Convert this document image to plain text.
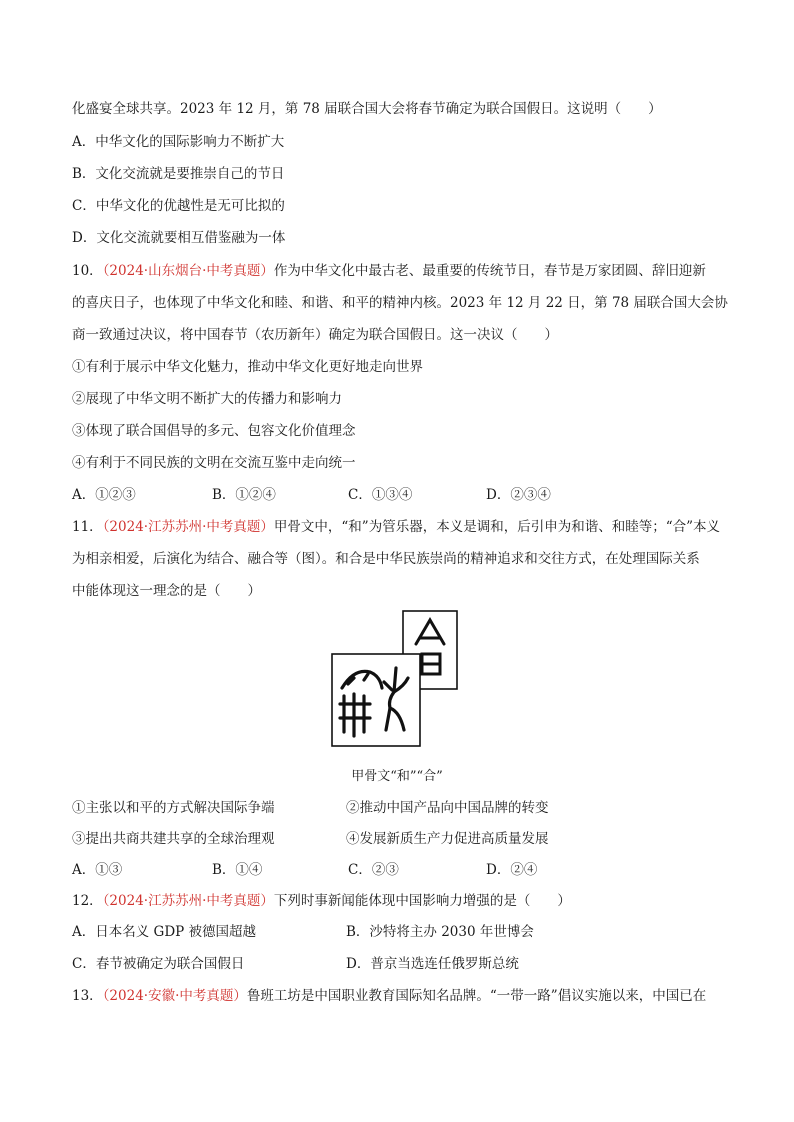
化盛宴全球共享。2023 年 12 月，第 78 届联合国大会将春节确定为联合国假日。这说明（　　）
A．中华文化的国际影响力不断扩大
B．文化交流就是要推崇自己的节日
C．中华文化的优越性是无可比拟的
D．文化交流就要相互借鉴融为一体
10．（2024·山东烟台·中考真题）作为中华文化中最古老、最重要的传统节日，春节是万家团圆、辞旧迎新
的喜庆日子，也体现了中华文化和睦、和谐、和平的精神内核。2023 年 12 月 22 日，第 78 届联合国大会协
商一致通过决议，将中国春节（农历新年）确定为联合国假日。这一决议（　　）
①有利于展示中华文化魅力，推动中华文化更好地走向世界
②展现了中华文明不断扩大的传播力和影响力
③体现了联合国倡导的多元、包容文化价值理念
④有利于不同民族的文明在交流互鉴中走向统一
A．①②③	B．①②④	C．①③④	D．②③④
11．（2024·江苏苏州·中考真题）甲骨文中，“和”为管乐器，本义是调和，后引申为和谐、和睦等；“合”本义
为相亲相爱，后演化为结合、融合等（图）。和合是中华民族崇尚的精神追求和交往方式，在处理国际关系
中能体现这一理念的是（　　）
甲骨文“和”“合”
①主张以和平的方式解决国际争端	②推动中国产品向中国品牌的转变
③提出共商共建共享的全球治理观	④发展新质生产力促进高质量发展
A．①③	B．①④	C．②③	D．②④
12．（2024·江苏苏州·中考真题）下列时事新闻能体现中国影响力增强的是（　　）
A．日本名义 GDP 被德国超越	B．沙特将主办 2030 年世博会
C．春节被确定为联合国假日	D．普京当选连任俄罗斯总统
13．（2024·安徽·中考真题）鲁班工坊是中国职业教育国际知名品牌。“一带一路”倡议实施以来，中国已在
